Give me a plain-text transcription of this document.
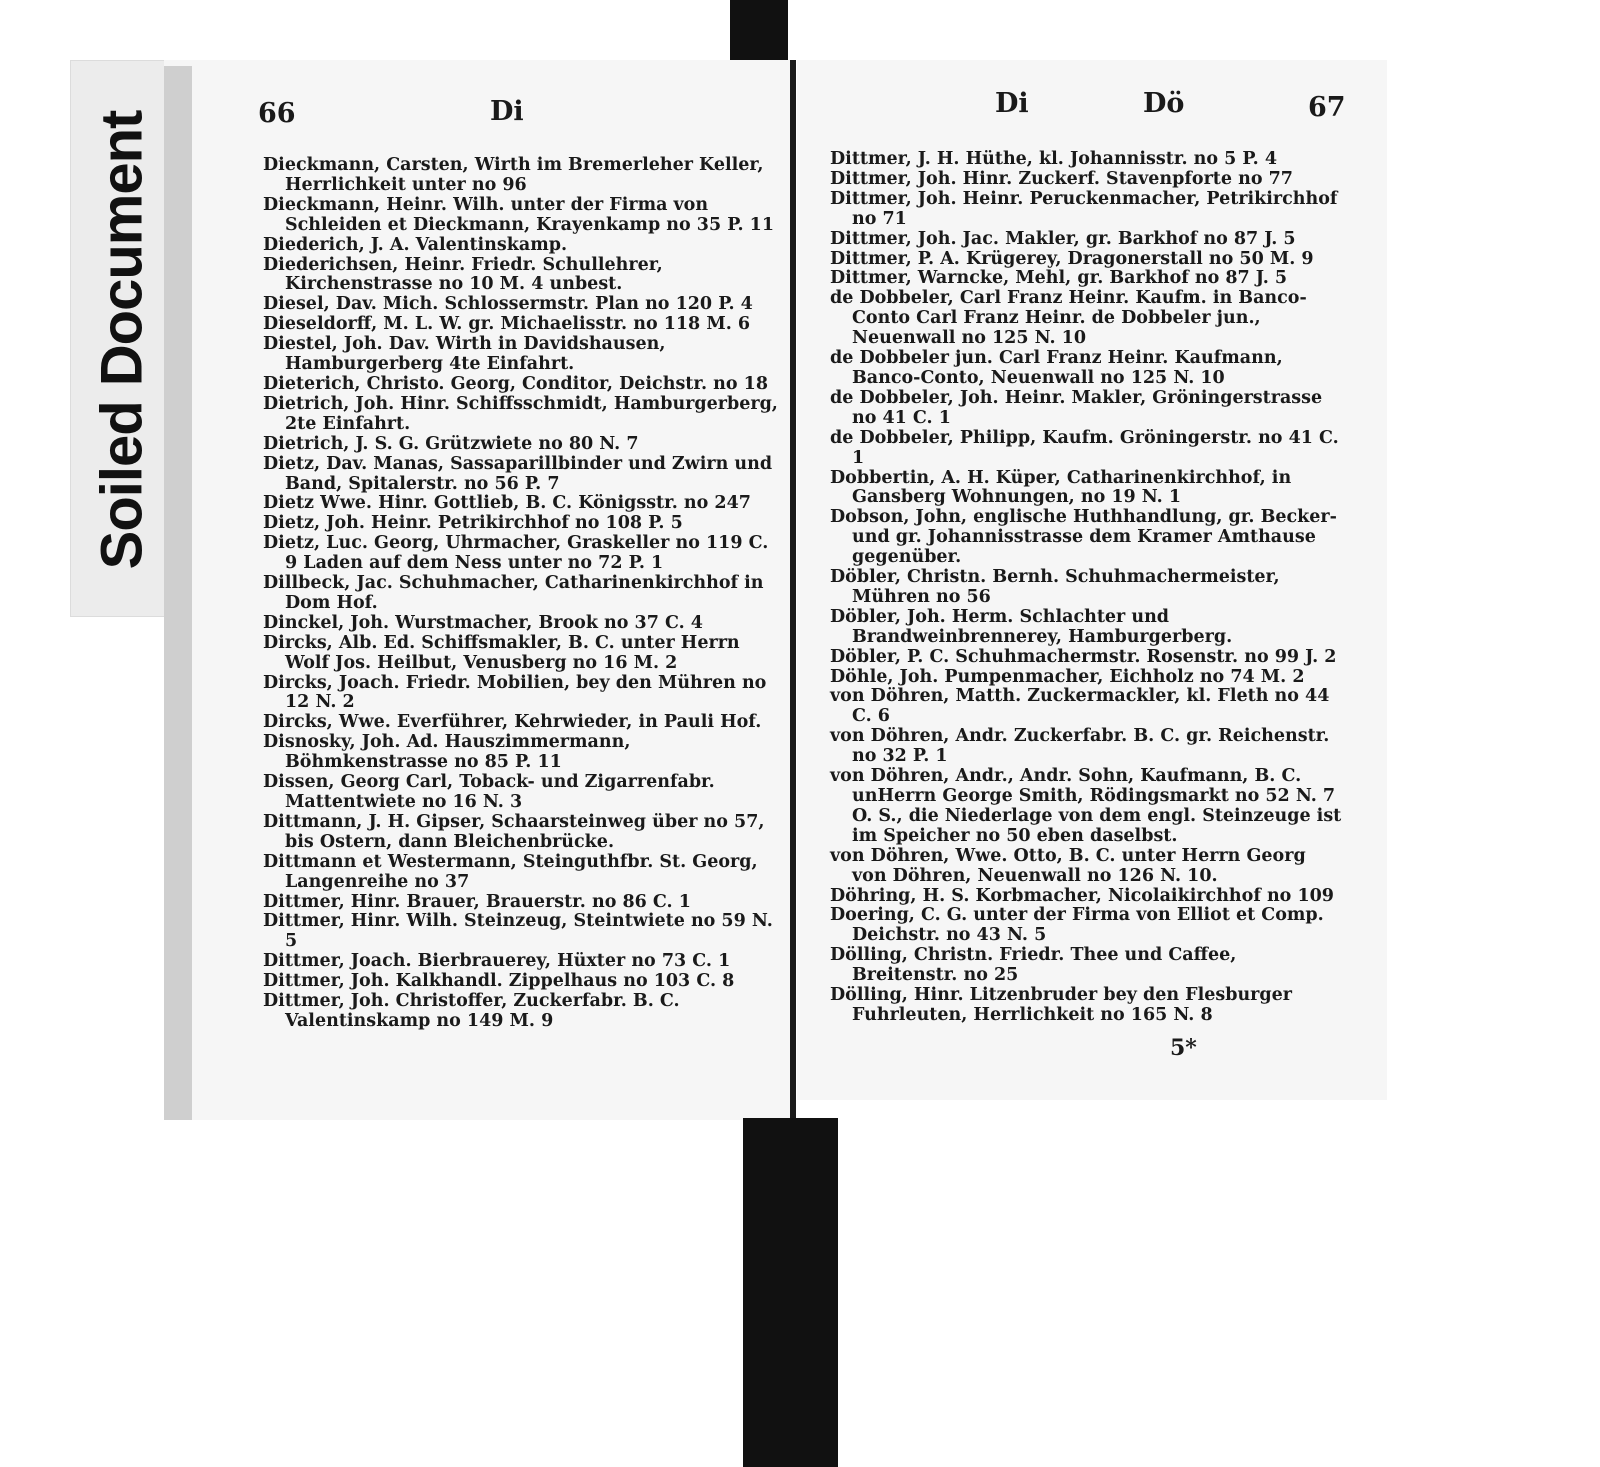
Soiled Document	66	Di	Di	Dö	67

Dieckmann, Carsten, Wirth im Bremerleher Keller, Herrlichkeit unter no 96

Dieckmann, Heinr. Wilh. unter der Firma von Schleiden et Dieckmann, Krayenkamp no 35 P. 11

Diederich, J. A. Valentinskamp.

Diederichsen, Heinr. Friedr. Schullehrer, Kirchenstrasse no 10 M. 4 unbest.

Diesel, Dav. Mich. Schlossermstr. Plan no 120 P. 4

Dieseldorff, M. L. W. gr. Michaelisstr. no 118 M. 6

Diestel, Joh. Dav. Wirth in Davidshausen, Hamburgerberg 4te Einfahrt.

Dieterich, Christo. Georg, Conditor, Deichstr. no 18

Dietrich, Joh. Hinr. Schiffsschmidt, Hamburgerberg, 2te Einfahrt.

Dietrich, J. S. G. Grützwiete no 80 N. 7

Dietz, Dav. Manas, Sassaparillbinder und Zwirn und Band, Spitalerstr. no 56 P. 7

Dietz Wwe. Hinr. Gottlieb, B. C. Königsstr. no 247

Dietz, Joh. Heinr. Petrikirchhof no 108 P. 5

Dietz, Luc. Georg, Uhrmacher, Graskeller no 119 C. 9 Laden auf dem Ness unter no 72 P. 1

Dillbeck, Jac. Schuhmacher, Catharinenkirchhof in Dom Hof.

Dinckel, Joh. Wurstmacher, Brook no 37 C. 4

Dircks, Alb. Ed. Schiffsmakler, B. C. unter Herrn Wolf Jos. Heilbut, Venusberg no 16 M. 2

Dircks, Joach. Friedr. Mobilien, bey den Mühren no 12 N. 2

Dircks, Wwe. Everführer, Kehrwieder, in Pauli Hof.

Disnosky, Joh. Ad. Hauszimmermann, Böhmkenstrasse no 85 P. 11

Dissen, Georg Carl, Toback- und Zigarrenfabr. Mattentwiete no 16 N. 3

Dittmann, J. H. Gipser, Schaarsteinweg über no 57, bis Ostern, dann Bleichenbrücke.

Dittmann et Westermann, Steinguthfbr. St. Georg, Langenreihe no 37

Dittmer, Hinr. Brauer, Brauerstr. no 86 C. 1

Dittmer, Hinr. Wilh. Steinzeug, Steintwiete no 59 N. 5

Dittmer, Joach. Bierbrauerey, Hüxter no 73 C. 1

Dittmer, Joh. Kalkhandl. Zippelhaus no 103 C. 8

Dittmer, Joh. Christoffer, Zuckerfabr. B. C. Valentinskamp no 149 M. 9

Dittmer, J. H. Hüthe, kl. Johannisstr. no 5 P. 4

Dittmer, Joh. Hinr. Zuckerf. Stavenpforte no 77

Dittmer, Joh. Heinr. Peruckenmacher, Petrikirchhof no 71

Dittmer, Joh. Jac. Makler, gr. Barkhof no 87 J. 5

Dittmer, P. A. Krügerey, Dragonerstall no 50 M. 9

Dittmer, Warncke, Mehl, gr. Barkhof no 87 J. 5

de Dobbeler, Carl Franz Heinr. Kaufm. in Banco-Conto Carl Franz Heinr. de Dobbeler jun., Neuenwall no 125 N. 10

de Dobbeler jun. Carl Franz Heinr. Kaufmann, Banco-Conto, Neuenwall no 125 N. 10

de Dobbeler, Joh. Heinr. Makler, Gröningerstrasse no 41 C. 1

de Dobbeler, Philipp, Kaufm. Gröningerstr. no 41 C. 1

Dobbertin, A. H. Küper, Catharinenkirchhof, in Gansberg Wohnungen, no 19 N. 1

Dobson, John, englische Huthhandlung, gr. Becker- und gr. Johannisstrasse dem Kramer Amthause gegenüber.

Döbler, Christn. Bernh. Schuhmachermeister, Mühren no 56

Döbler, Joh. Herm. Schlachter und Brandweinbrennerey, Hamburgerberg.

Döbler, P. C. Schuhmachermstr. Rosenstr. no 99 J. 2

Döhle, Joh. Pumpenmacher, Eichholz no 74 M. 2

von Döhren, Matth. Zuckermackler, kl. Fleth no 44 C. 6

von Döhren, Andr. Zuckerfabr. B. C. gr. Reichenstr. no 32 P. 1

von Döhren, Andr., Andr. Sohn, Kaufmann, B. C. unHerrn George Smith, Rödingsmarkt no 52 N. 7 O. S., die Niederlage von dem engl. Steinzeuge ist im Speicher no 50 eben daselbst.

von Döhren, Wwe. Otto, B. C. unter Herrn Georg von Döhren, Neuenwall no 126 N. 10.

Döhring, H. S. Korbmacher, Nicolaikirchhof no 109

Doering, C. G. unter der Firma von Elliot et Comp. Deichstr. no 43 N. 5

Dölling, Christn. Friedr. Thee und Caffee, Breitenstr. no 25

Dölling, Hinr. Litzenbruder bey den Flesburger Fuhrleuten, Herrlichkeit no 165 N. 8

5*
